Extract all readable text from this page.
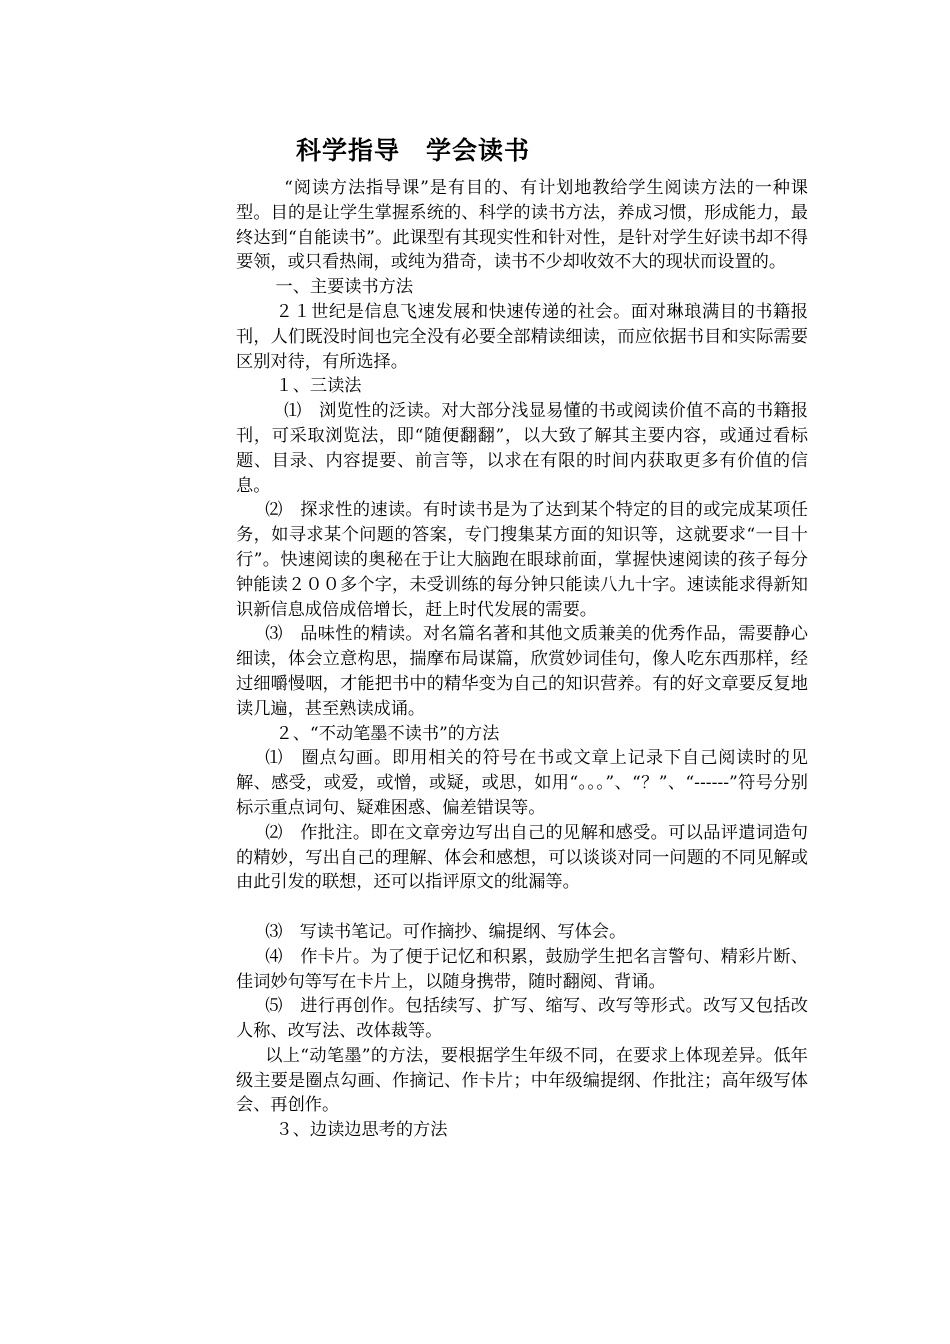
科学指导　学会读书

“阅读方法指导课”是有目的、有计划地教给学生阅读方法的一种课型。目的是让学生掌握系统的、科学的读书方法，养成习惯，形成能力，最终达到“自能读书”。此课型有其现实性和针对性，是针对学生好读书却不得要领，或只看热闹，或纯为猎奇，读书不少却收效不大的现状而设置的。

一、主要读书方法

２１世纪是信息飞速发展和快速传递的社会。面对琳琅满目的书籍报刊，人们既没时间也完全没有必要全部精读细读，而应依据书目和实际需要区别对待，有所选择。

１、三读法

⑴　浏览性的泛读。对大部分浅显易懂的书或阅读价值不高的书籍报刊，可采取浏览法，即“随便翻翻”，以大致了解其主要内容，或通过看标题、目录、内容提要、前言等，以求在有限的时间内获取更多有价值的信息。

⑵　探求性的速读。有时读书是为了达到某个特定的目的或完成某项任务，如寻求某个问题的答案，专门搜集某方面的知识等，这就要求“一目十行”。快速阅读的奥秘在于让大脑跑在眼球前面，掌握快速阅读的孩子每分钟能读２００多个字，未受训练的每分钟只能读八九十字。速读能求得新知识新信息成倍成倍增长，赶上时代发展的需要。

⑶　品味性的精读。对名篇名著和其他文质兼美的优秀作品，需要静心细读，体会立意构思，揣摩布局谋篇，欣赏妙词佳句，像人吃东西那样，经过细嚼慢咽，才能把书中的精华变为自己的知识营养。有的好文章要反复地读几遍，甚至熟读成诵。

２、“不动笔墨不读书”的方法

⑴　圈点勾画。即用相关的符号在书或文章上记录下自己阅读时的见解、感受，或爱，或憎，或疑，或思，如用“。。。”、“？”、“------”符号分别标示重点词句、疑难困惑、偏差错误等。

⑵　作批注。即在文章旁边写出自己的见解和感受。可以品评遣词造句的精妙，写出自己的理解、体会和感想，可以谈谈对同一问题的不同见解或由此引发的联想，还可以指评原文的纰漏等。

⑶　写读书笔记。可作摘抄、编提纲、写体会。

⑷　作卡片。为了便于记忆和积累，鼓励学生把名言警句、精彩片断、佳词妙句等写在卡片上，以随身携带，随时翻阅、背诵。

⑸　进行再创作。包括续写、扩写、缩写、改写等形式。改写又包括改人称、改写法、改体裁等。

以上“动笔墨”的方法，要根据学生年级不同，在要求上体现差异。低年级主要是圈点勾画、作摘记、作卡片；中年级编提纲、作批注；高年级写体会、再创作。

３、边读边思考的方法
